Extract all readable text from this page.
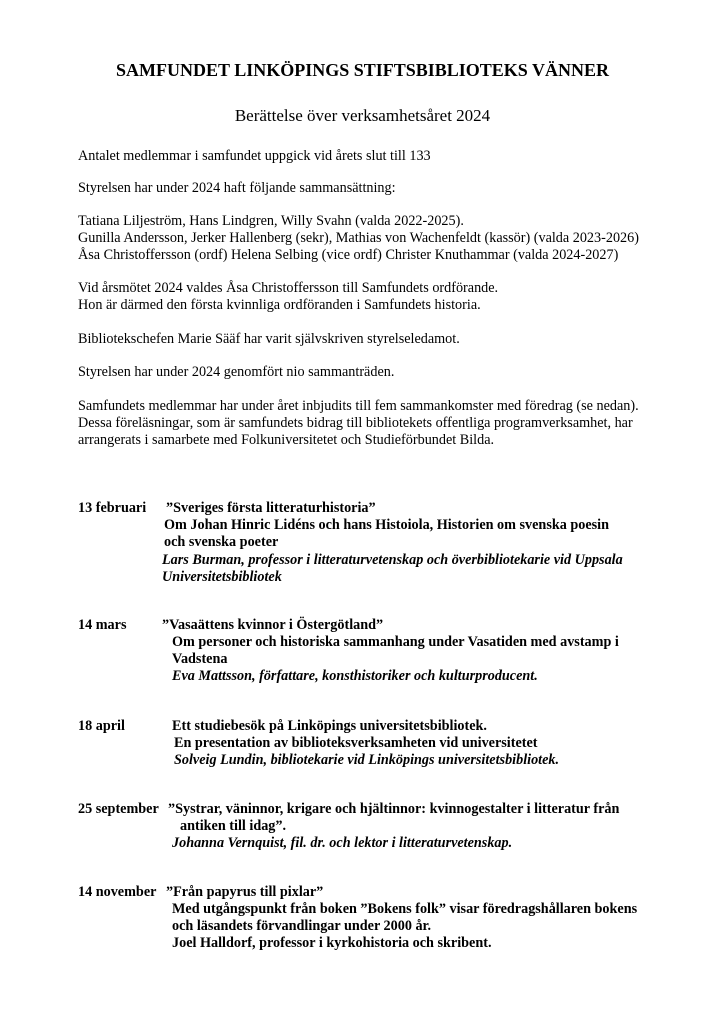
SAMFUNDET LINKÖPINGS STIFTSBIBLIOTEKS VÄNNER
Berättelse över verksamhetsåret 2024
Antalet medlemmar i samfundet uppgick vid årets slut till 133
Styrelsen har under 2024 haft följande sammansättning:
Tatiana Liljeström, Hans Lindgren, Willy Svahn (valda 2022-2025).
Gunilla Andersson, Jerker Hallenberg (sekr), Mathias von Wachenfeldt (kassör) (valda 2023-2026)
Åsa Christoffersson (ordf) Helena Selbing (vice ordf) Christer Knuthammar (valda 2024-2027)
Vid årsmötet 2024 valdes Åsa Christoffersson till Samfundets ordförande.
Hon är därmed den första kvinnliga ordföranden i Samfundets historia.
Bibliotekschefen Marie Sääf har varit självskriven styrelseledamot.
Styrelsen har under 2024 genomfört nio sammanträden.
Samfundets medlemmar har under året inbjudits till fem sammankomster med föredrag (se nedan).
Dessa föreläsningar, som är samfundets bidrag till bibliotekets offentliga programverksamhet, har
arrangerats i samarbete med Folkuniversitetet och Studieförbundet Bilda.
13 februari ”Sveriges första litteraturhistoria”
Om Johan Hinric Lidéns och hans Histoiola, Historien om svenska poesin
och svenska poeter
Lars Burman, professor i litteraturvetenskap och överbibliotekarie vid Uppsala
Universitetsbibliotek
14 mars	”Vasaättens kvinnor i Östergötland”
Om personer och historiska sammanhang under Vasatiden med avstamp i
Vadstena
Eva Mattsson, författare, konsthistoriker och kulturproducent.
18 april	Ett studiebesök på Linköpings universitetsbibliotek.
En presentation av biblioteksverksamheten vid universitetet
Solveig Lundin, bibliotekarie vid Linköpings universitetsbibliotek.
25 september ”Systrar, väninnor, krigare och hjältinnor: kvinnogestalter i litteratur från
antiken till idag”.
Johanna Vernquist, fil. dr. och lektor i litteraturvetenskap.
14 november ”Från papyrus till pixlar”
Med utgångspunkt från boken ”Bokens folk” visar föredragshållaren bokens
och läsandets förvandlingar under 2000 år.
Joel Halldorf, professor i kyrkohistoria och skribent.
